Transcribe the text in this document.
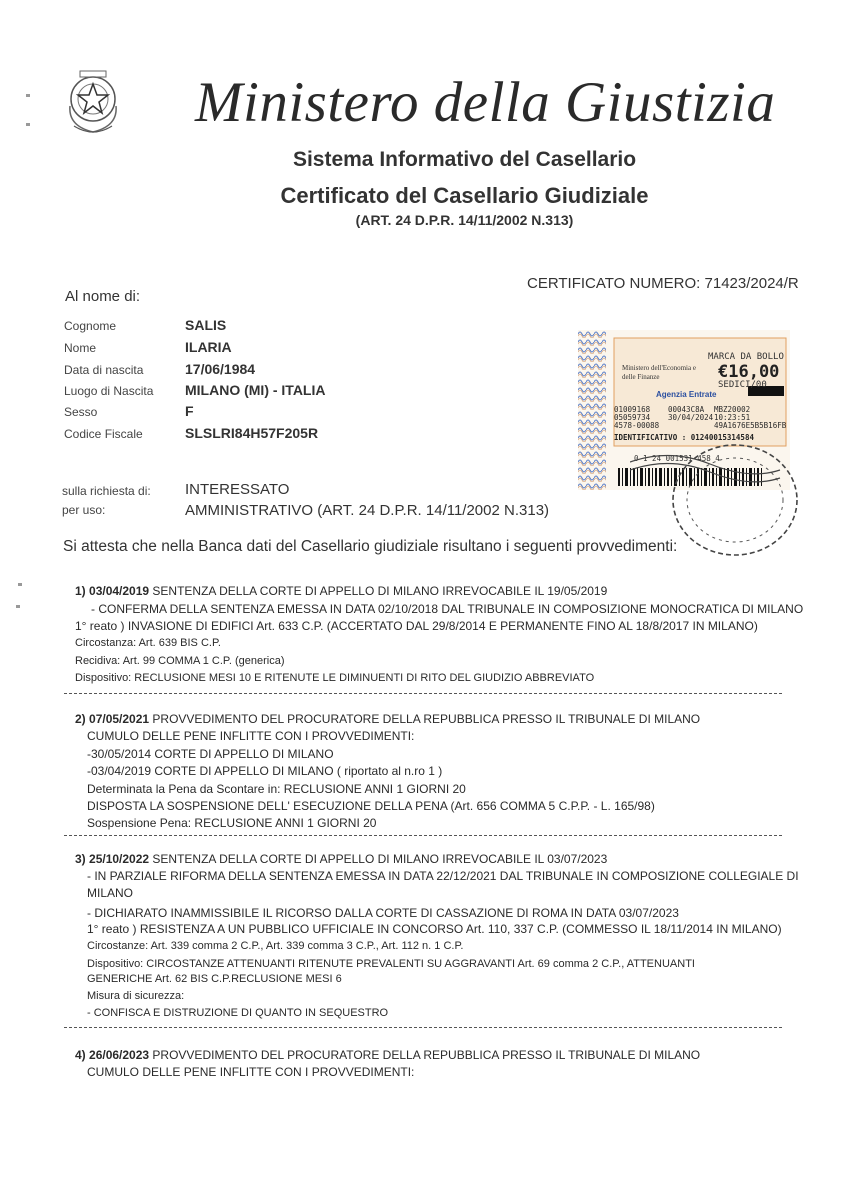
Ministero della Giustizia
Sistema Informativo del Casellario
Certificato del Casellario Giudiziale
(ART. 24 D.P.R. 14/11/2002 N.313)
CERTIFICATO NUMERO: 71423/2024/R
Al nome di:
Cognome	SALIS
Nome	ILARIA
Data di nascita	17/06/1984
Luogo di Nascita MILANO (MI) - ITALIA
Sesso	F
Codice Fiscale	SLSLRI84H57F205R
MARCA DA BOLLO
Ministero dell'Economia e delle Finanze	€16,00
SEDICI/00
Agenzia Entrate
01009168
05059734
4578-00088
00043C8A
30/04/2024
MBZ20002
10:23:51
49A1676E5B5B16FB
IDENTIFICATIVO : 01240015314584
0 1 24 001531 458 4
sulla richiesta di: INTERESSATO
per uso:	AMMINISTRATIVO (ART. 24 D.P.R. 14/11/2002 N.313)
Si attesta che nella Banca dati del Casellario giudiziale risultano i seguenti provvedimenti:
1) 03/04/2019 SENTENZA DELLA CORTE DI APPELLO DI MILANO IRREVOCABILE IL 19/05/2019
- CONFERMA DELLA SENTENZA EMESSA IN DATA 02/10/2018 DAL TRIBUNALE IN COMPOSIZIONE MONOCRATICA DI MILANO
1° reato ) INVASIONE DI EDIFICI Art. 633 C.P. (ACCERTATO DAL 29/8/2014 E PERMANENTE FINO AL 18/8/2017 IN MILANO)
Circostanza: Art. 639 BIS C.P.
Recidiva: Art. 99 COMMA 1 C.P. (generica)
Dispositivo: RECLUSIONE MESI 10 E RITENUTE LE DIMINUENTI DI RITO DEL GIUDIZIO ABBREVIATO
2) 07/05/2021 PROVVEDIMENTO DEL PROCURATORE DELLA REPUBBLICA PRESSO IL TRIBUNALE DI MILANO
CUMULO DELLE PENE INFLITTE CON I PROVVEDIMENTI:
-30/05/2014 CORTE DI APPELLO DI MILANO
-03/04/2019 CORTE DI APPELLO DI MILANO ( riportato al n.ro 1 )
Determinata la Pena da Scontare in: RECLUSIONE ANNI 1 GIORNI 20
DISPOSTA LA SOSPENSIONE DELL' ESECUZIONE DELLA PENA (Art. 656 COMMA 5 C.P.P. - L. 165/98)
Sospensione Pena: RECLUSIONE ANNI 1 GIORNI 20
3) 25/10/2022 SENTENZA DELLA CORTE DI APPELLO DI MILANO IRREVOCABILE IL 03/07/2023
- IN PARZIALE RIFORMA DELLA SENTENZA EMESSA IN DATA 22/12/2021 DAL TRIBUNALE IN COMPOSIZIONE COLLEGIALE DI
MILANO
- DICHIARATO INAMMISSIBILE IL RICORSO DALLA CORTE DI CASSAZIONE DI ROMA IN DATA 03/07/2023
1° reato ) RESISTENZA A UN PUBBLICO UFFICIALE IN CONCORSO Art. 110, 337 C.P. (COMMESSO IL 18/11/2014 IN MILANO)
Circostanze: Art. 339 comma 2 C.P., Art. 339 comma 3 C.P., Art. 112 n. 1 C.P.
Dispositivo: CIRCOSTANZE ATTENUANTI RITENUTE PREVALENTI SU AGGRAVANTI Art. 69 comma 2 C.P., ATTENUANTI
GENERICHE Art. 62 BIS C.P.RECLUSIONE MESI 6
Misura di sicurezza:
- CONFISCA E DISTRUZIONE DI QUANTO IN SEQUESTRO
4) 26/06/2023 PROVVEDIMENTO DEL PROCURATORE DELLA REPUBBLICA PRESSO IL TRIBUNALE DI MILANO
CUMULO DELLE PENE INFLITTE CON I PROVVEDIMENTI:
